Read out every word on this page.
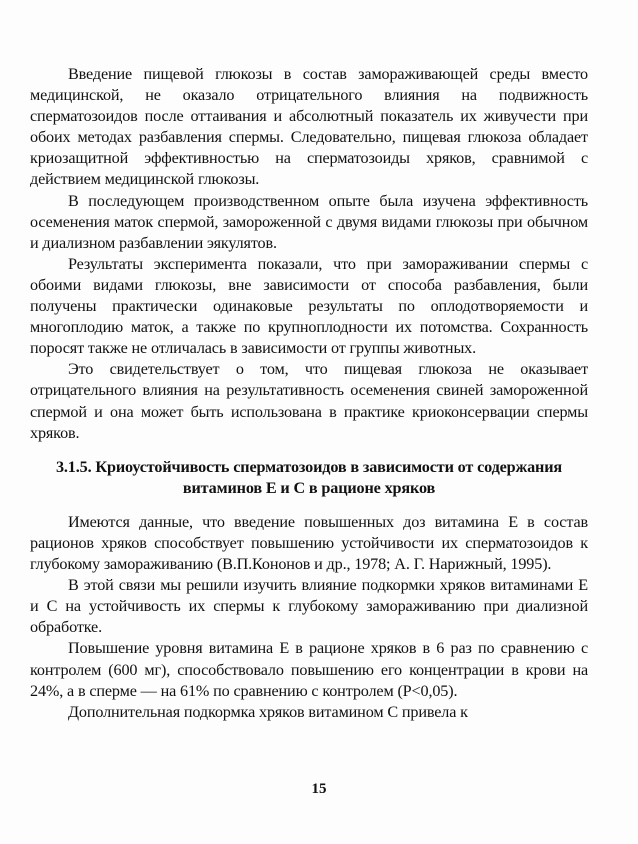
Введение пищевой глюкозы в состав замораживающей среды вместо медицинской, не оказало отрицательного влияния на подвижность сперматозоидов после оттаивания и абсолютный показатель их живучести при обоих методах разбавления спермы. Следовательно, пищевая глюкоза обладает криозащитной эффективностью на сперматозоиды хряков, сравнимой с действием медицинской глюкозы.

В последующем производственном опыте была изучена эффективность осеменения маток спермой, замороженной с двумя видами глюкозы при обычном и диализном разбавлении эякулятов.

Результаты эксперимента показали, что при замораживании спермы с обоими видами глюкозы, вне зависимости от способа разбавления, были получены практически одинаковые результаты по оплодотворяемости и многоплодию маток, а также по крупноплодности их потомства. Сохранность поросят также не отличалась в зависимости от группы животных.

Это свидетельствует о том, что пищевая глюкоза не оказывает отрицательного влияния на результативность осеменения свиней замороженной спермой и она может быть использована в практике криоконсервации спермы хряков.

3.1.5. Криоустойчивость сперматозоидов в зависимости от содержания витаминов Е и С в рационе хряков

Имеются данные, что введение повышенных доз витамина Е в состав рационов хряков способствует повышению устойчивости их сперматозоидов к глубокому замораживанию (В.П.Кононов и др., 1978; А. Г. Нарижный, 1995).

В этой связи мы решили изучить влияние подкормки хряков витаминами Е и С на устойчивость их спермы к глубокому замораживанию при диализной обработке.

Повышение уровня витамина Е в рационе хряков в 6 раз по сравнению с контролем (600 мг), способствовало повышению его концентрации в крови на 24%, а в сперме — на 61% по сравнению с контролем (Р<0,05).

Дополнительная подкормка хряков витамином С привела к

15
